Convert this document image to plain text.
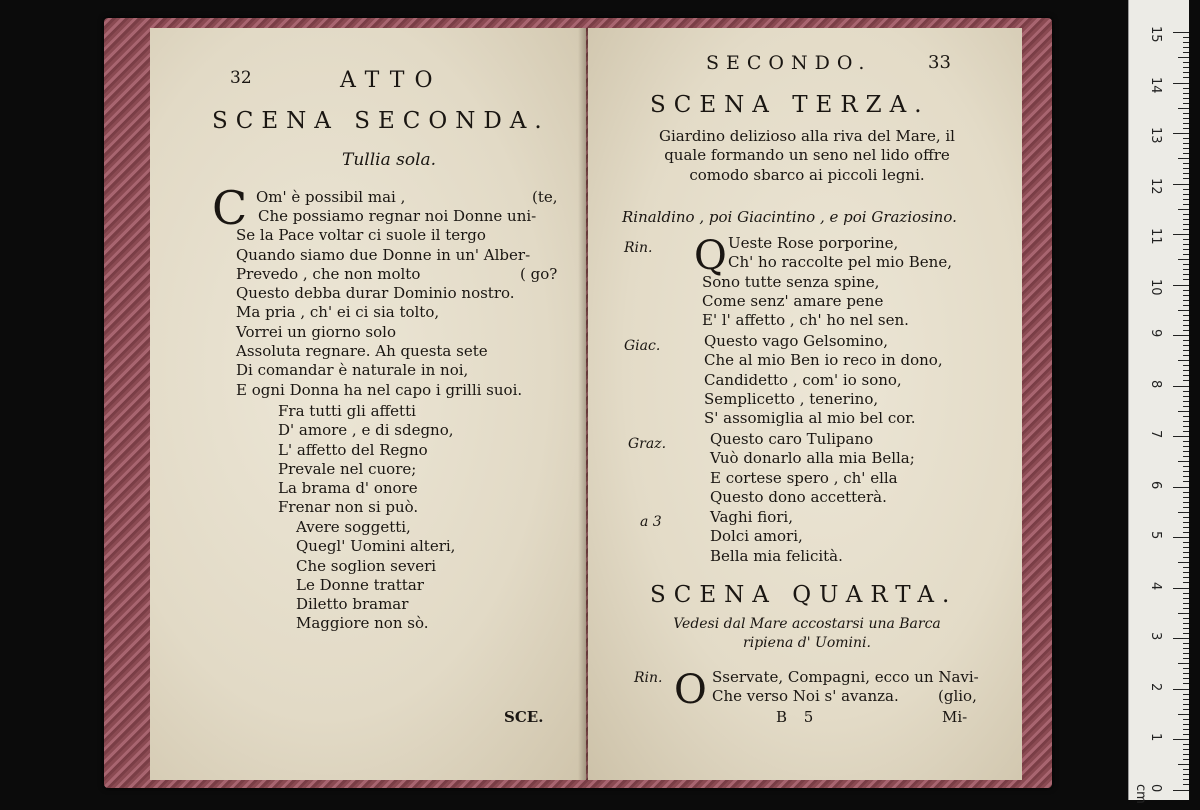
32	ATTO
SCENA SECONDA.
Tullia sola.
C Om' è possibil mai ,	(te,
( go?
Che possiamo regnar noi Donne uni-
Se la Pace voltar ci suole il tergo
Quando siamo due Donne in un' Alber-
Prevedo , che non molto
Questo debba durar Dominio nostro.
Ma pria , ch' ei ci sia tolto,
Vorrei un giorno solo
Assoluta regnare. Ah questa sete
Di comandar è naturale in noi,
E ogni Donna ha nel capo i grilli suoi.
Fra tutti gli affetti
D' amore , e di sdegno,
L' affetto del Regno
Prevale nel cuore;
La brama d' onore
Frenar non si può.
Avere soggetti,
Quegl' Uomini alteri,
Che soglion severi
Le Donne trattar
Diletto bramar
Maggiore non sò.
SCE.
SECONDO.	33
SCENA TERZA.
Giardino delizioso alla riva del Mare, il
quale formando un seno nel lido offre
comodo sbarco ai piccoli legni.
Rinaldino , poi Giacintino , e poi Graziosino.
Rin. Q Ueste Rose porporine,
Ch' ho raccolte pel mio Bene,
Sono tutte senza spine,
Come senz' amare pene
E' l' affetto , ch' ho nel sen.
Giac.	Questo vago Gelsomino,
Che al mio Ben io reco in dono,
Candidetto , com' io sono,
Semplicetto , tenerino,
S' assomiglia al mio bel cor.
Graz.	Questo caro Tulipano
Vuò donarlo alla mia Bella;
E cortese spero , ch' ella
Questo dono accetterà.
a 3	Vaghi fiori,
Dolci amori,
Bella mia felicità.
SCENA QUARTA.
Vedesi dal Mare accostarsi una Barca
ripiena d' Uomini.
Rin. O Sservate, Compagni, ecco un Navi-
Che verso Noi s' avanza.	(glio,
B 5	Mi-
15
14
13
12
11
10
9
8
7
6
5
4
3
2
1
0 cm
